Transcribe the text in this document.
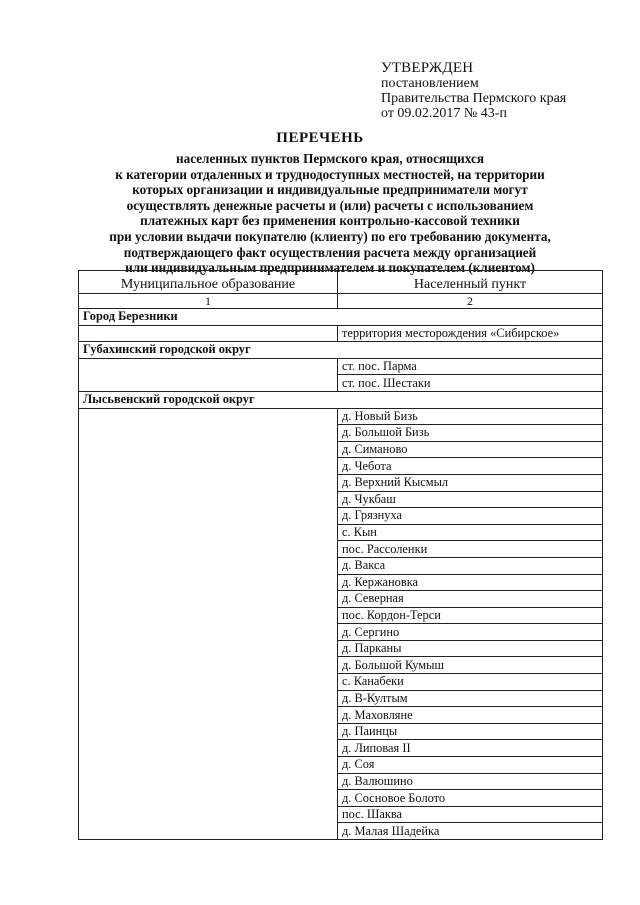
УТВЕРЖДЕН
постановлением
Правительства Пермского края
от 09.02.2017 № 43-п
ПЕРЕЧЕНЬ
населенных пунктов Пермского края, относящихся
к категории отдаленных и труднодоступных местностей, на территории
которых организации и индивидуальные предприниматели могут
осуществлять денежные расчеты и (или) расчеты с использованием
платежных карт без применения контрольно-кассовой техники
при условии выдачи покупателю (клиенту) по его требованию документа,
подтверждающего факт осуществления расчета между организацией
или индивидуальным предпринимателем и покупателем (клиентом)
Муниципальное образование	Населенный пункт
1	2
Город Березники	
	территория месторождения «Сибирское»
Губахинский городской округ	
	ст. пос. Парма
	ст. пос. Шестаки
Лысьвенский городской округ	
	д. Новый Бизь
	д. Большой Бизь
	д. Симаново
	д. Чебота
	д. Верхний Кысмыл
	д. Чукбаш
	д. Грязнуха
	с. Кын
	пос. Рассоленки
	д. Вакса
	д. Кержановка
	д. Северная
	пос. Кордон-Терси
	д. Сергино
	д. Парканы
	д. Большой Кумыш
	с. Канабеки
	д. В-Култым
	д. Маховляне
	д. Паинцы
	д. Липовая II
	д. Соя
	д. Валюшино
	д. Сосновое Болото
	пос. Шаква
	д. Малая Шадейка
